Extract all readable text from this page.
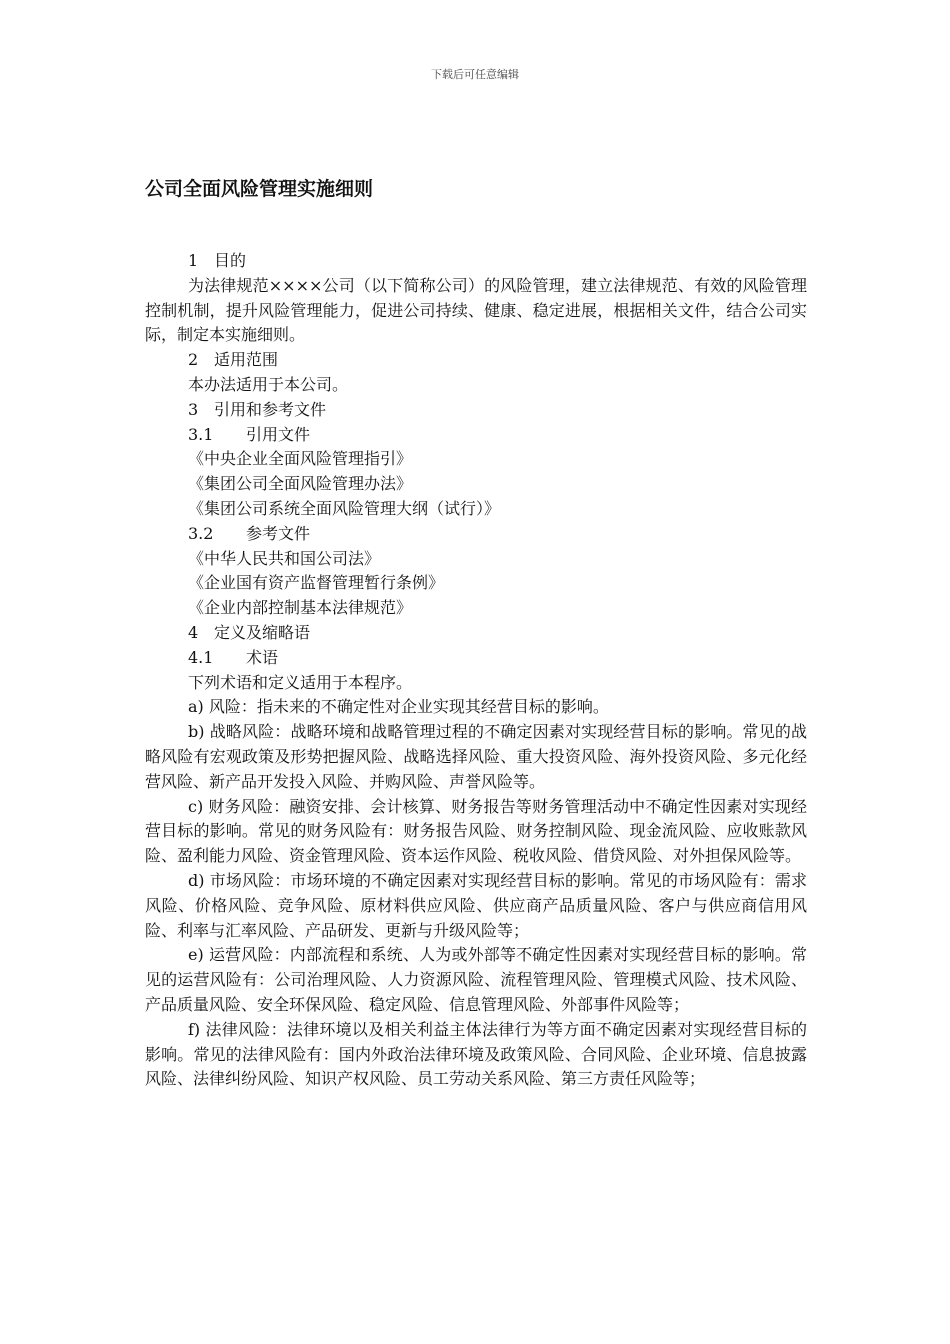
下载后可任意编辑
公司全面风险管理实施细则

1 目的

为法律规范××××公司（以下简称公司）的风险管理，建立法律规范、有效的风险管理控制机制，提升风险管理能力，促进公司持续、健康、稳定进展，根据相关文件，结合公司实际，制定本实施细则。

2 适用范围

本办法适用于本公司。

3 引用和参考文件

3.1 引用文件

《中央企业全面风险管理指引》

《集团公司全面风险管理办法》

《集团公司系统全面风险管理大纲（试行）》

3.2 参考文件

《中华人民共和国公司法》

《企业国有资产监督管理暂行条例》

《企业内部控制基本法律规范》

4 定义及缩略语

4.1 术语

下列术语和定义适用于本程序。

a) 风险：指未来的不确定性对企业实现其经营目标的影响。

b) 战略风险：战略环境和战略管理过程的不确定因素对实现经营目标的影响。常见的战略风险有宏观政策及形势把握风险、战略选择风险、重大投资风险、海外投资风险、多元化经营风险、新产品开发投入风险、并购风险、声誉风险等。

c) 财务风险：融资安排、会计核算、财务报告等财务管理活动中不确定性因素对实现经营目标的影响。常见的财务风险有：财务报告风险、财务控制风险、现金流风险、应收账款风险、盈利能力风险、资金管理风险、资本运作风险、税收风险、借贷风险、对外担保风险等。

d) 市场风险：市场环境的不确定因素对实现经营目标的影响。常见的市场风险有：需求风险、价格风险、竞争风险、原材料供应风险、供应商产品质量风险、客户与供应商信用风险、利率与汇率风险、产品研发、更新与升级风险等；

e) 运营风险：内部流程和系统、人为或外部等不确定性因素对实现经营目标的影响。常见的运营风险有：公司治理风险、人力资源风险、流程管理风险、管理模式风险、技术风险、产品质量风险、安全环保风险、稳定风险、信息管理风险、外部事件风险等；

f) 法律风险：法律环境以及相关利益主体法律行为等方面不确定因素对实现经营目标的影响。常见的法律风险有：国内外政治法律环境及政策风险、合同风险、企业环境、信息披露风险、法律纠纷风险、知识产权风险、员工劳动关系风险、第三方责任风险等；
